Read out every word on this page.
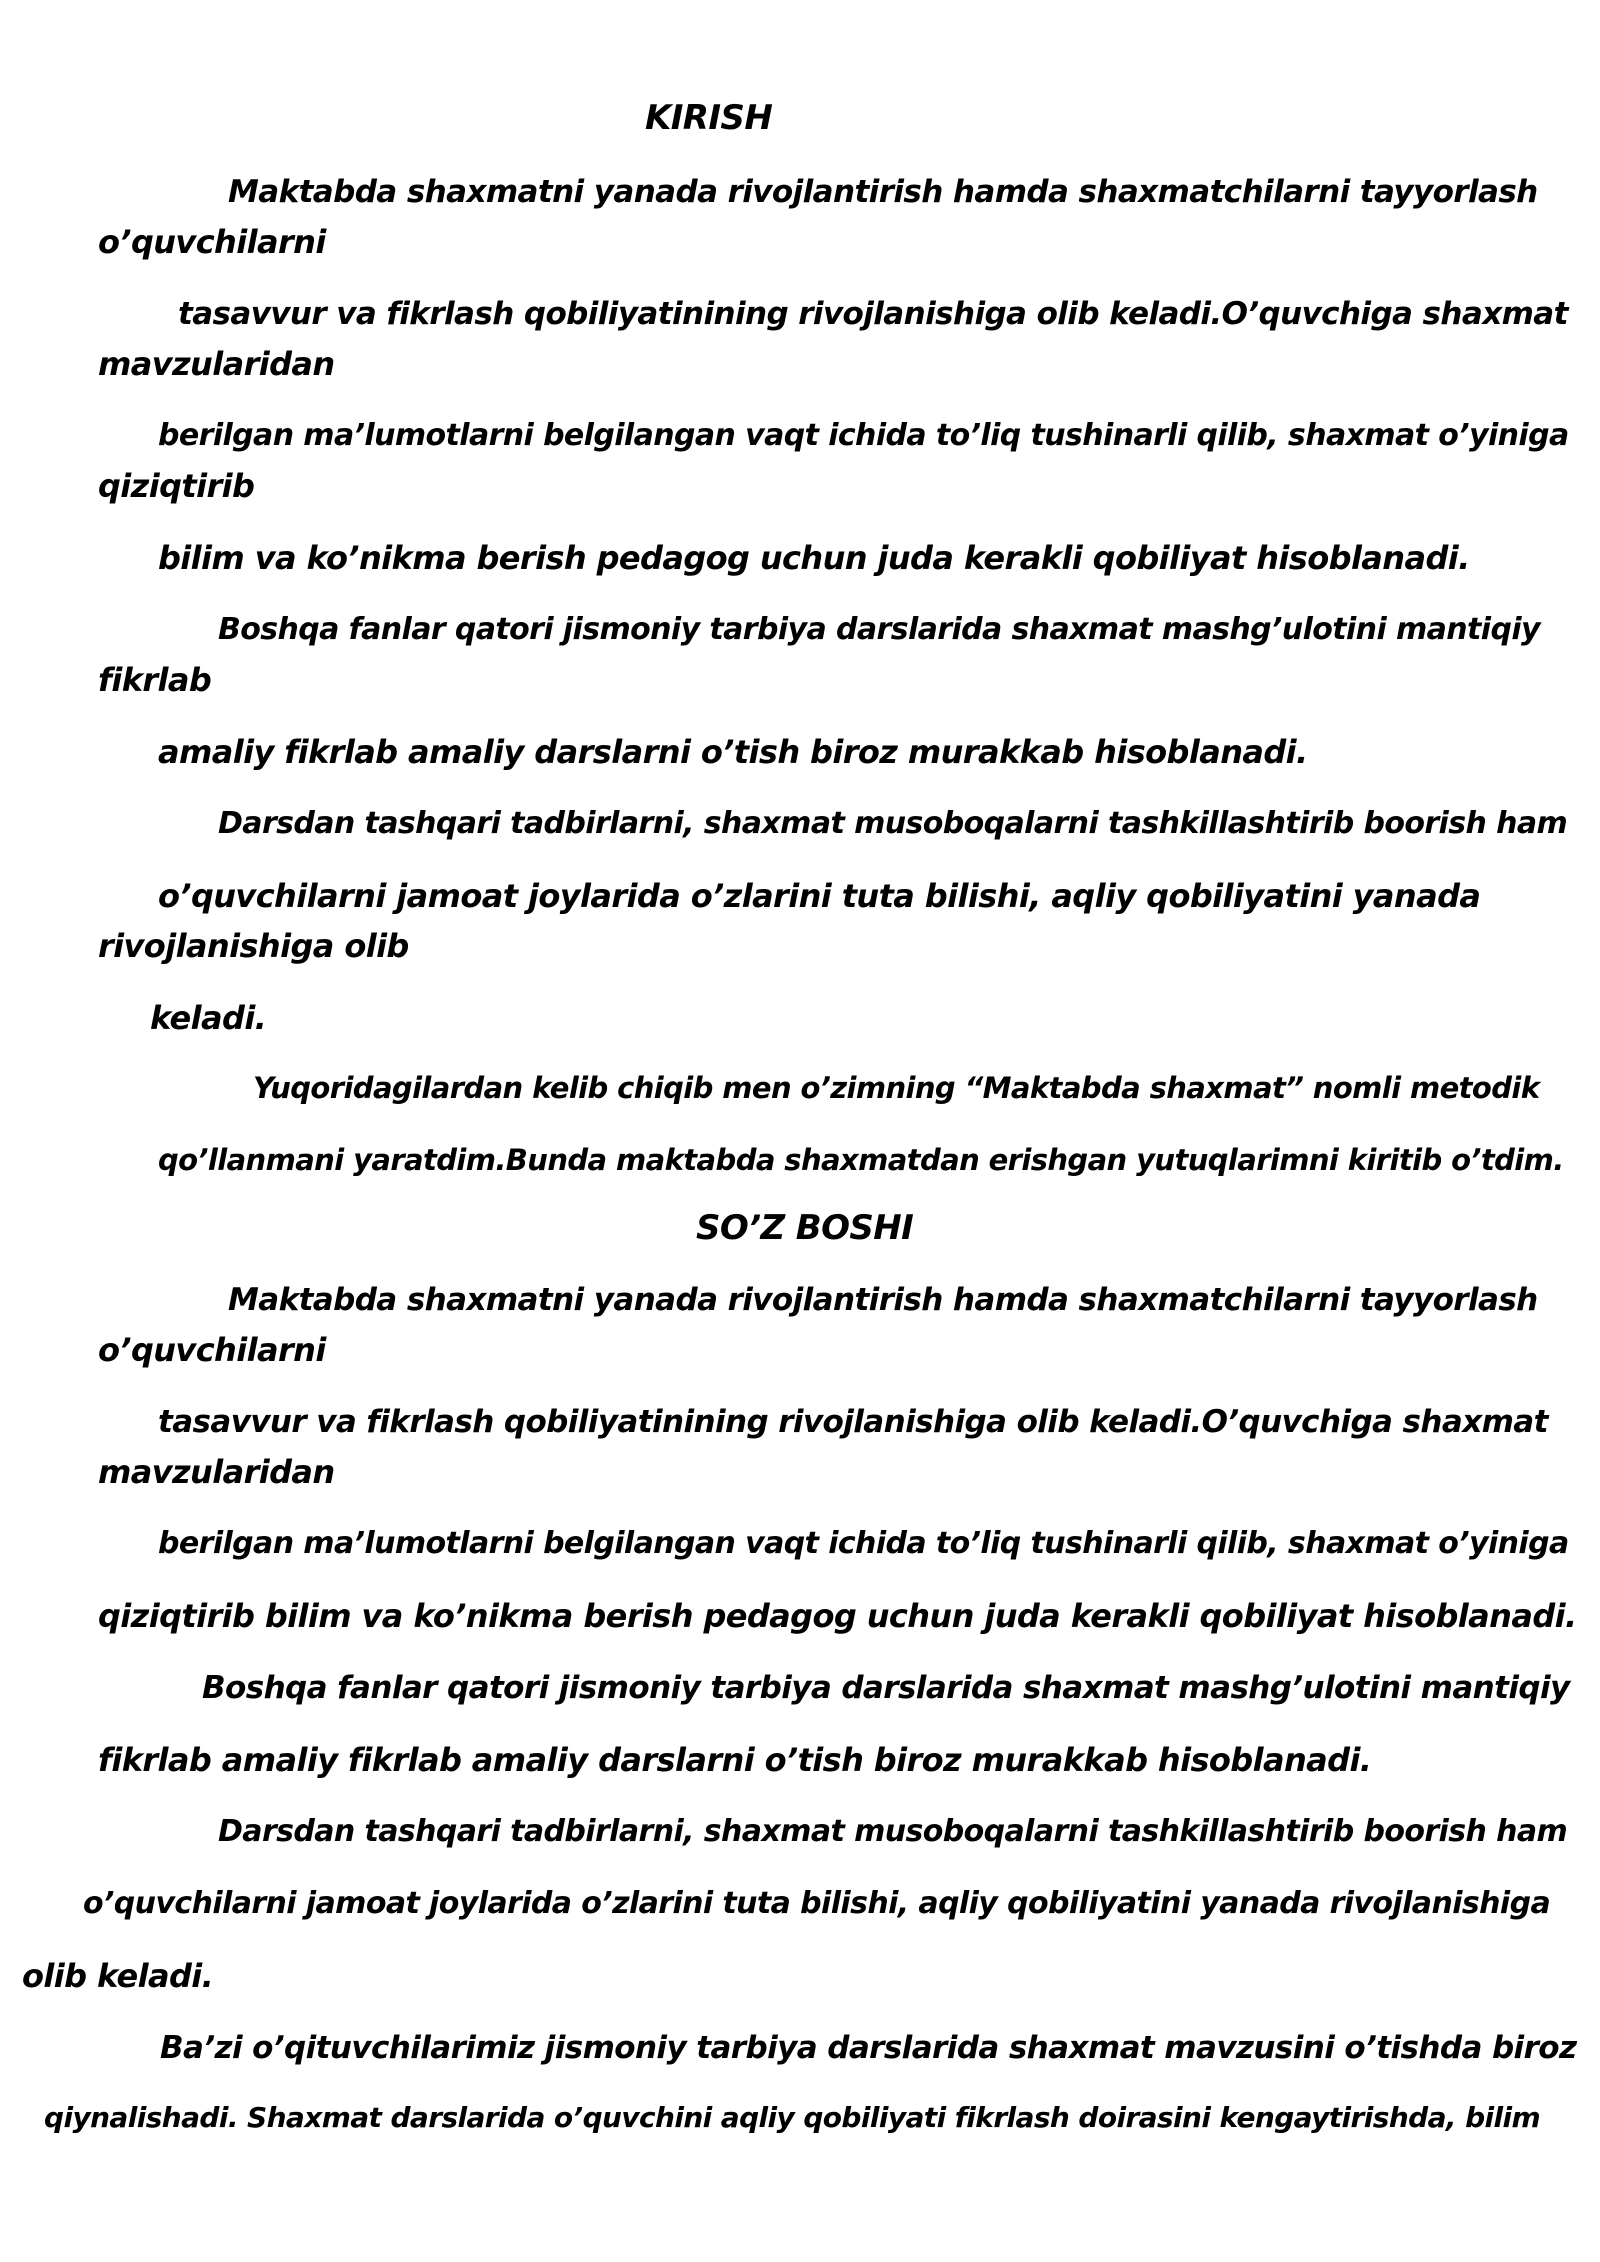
KIRISH
Maktabda shaxmatni yanada rivojlantirish hamda shaxmatchilarni tayyorlash
o’quvchilarni
tasavvur va fikrlash qobiliyatinining rivojlanishiga olib keladi.O’quvchiga shaxmat
mavzularidan
berilgan ma’lumotlarni belgilangan vaqt ichida to’liq tushinarli qilib, shaxmat o’yiniga
qiziqtirib
bilim va ko’nikma berish pedagog uchun juda kerakli qobiliyat hisoblanadi.
Boshqa fanlar qatori jismoniy tarbiya darslarida shaxmat mashg’ulotini mantiqiy
fikrlab
amaliy fikrlab amaliy darslarni o’tish biroz murakkab hisoblanadi.
Darsdan tashqari tadbirlarni, shaxmat musoboqalarni tashkillashtirib boorish ham
o’quvchilarni jamoat joylarida o’zlarini tuta bilishi, aqliy qobiliyatini yanada
rivojlanishiga olib
keladi.
Yuqoridagilardan kelib chiqib men o’zimning “Maktabda shaxmat” nomli metodik
qo’llanmani yaratdim.Bunda maktabda shaxmatdan erishgan yutuqlarimni kiritib o’tdim.
SO’Z BOSHI
Maktabda shaxmatni yanada rivojlantirish hamda shaxmatchilarni tayyorlash
o’quvchilarni
tasavvur va fikrlash qobiliyatinining rivojlanishiga olib keladi.O’quvchiga shaxmat
mavzularidan
berilgan ma’lumotlarni belgilangan vaqt ichida to’liq tushinarli qilib, shaxmat o’yiniga
qiziqtirib bilim va ko’nikma berish pedagog uchun juda kerakli qobiliyat hisoblanadi.
Boshqa fanlar qatori jismoniy tarbiya darslarida shaxmat mashg’ulotini mantiqiy
fikrlab amaliy fikrlab amaliy darslarni o’tish biroz murakkab hisoblanadi.
Darsdan tashqari tadbirlarni, shaxmat musoboqalarni tashkillashtirib boorish ham
o’quvchilarni jamoat joylarida o’zlarini tuta bilishi, aqliy qobiliyatini yanada rivojlanishiga
olib keladi.
Ba’zi o’qituvchilarimiz jismoniy tarbiya darslarida shaxmat mavzusini o’tishda biroz
qiynalishadi. Shaxmat darslarida o’quvchini aqliy qobiliyati fikrlash doirasini kengaytirishda, bilim
